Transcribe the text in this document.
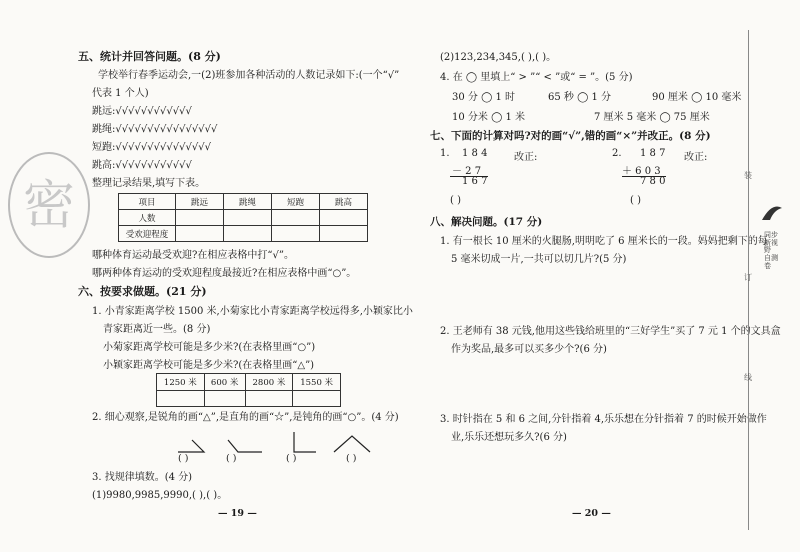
密
五、统计并回答问题。(8 分)
学校举行春季运动会,一(2)班参加各种活动的人数记录如下:(一个“√”
代表 1 个人)
跳远:√√√√√√√√√√√√
跳绳:√√√√√√√√√√√√√√√√
短跑:√√√√√√√√√√√√√√√
跳高:√√√√√√√√√√√√
整理记录结果,填写下表。
项目	跳远	跳绳	短跑	跳高
人数				
受欢迎程度				
哪种体育运动最受欢迎?在相应表格中打“√”。
哪两种体育运动的受欢迎程度最接近?在相应表格中画“○”。
六、按要求做题。(21 分)
1. 小青家距离学校 1500 米,小菊家比小青家距离学校远得多,小颖家比小
青家距离近一些。(8 分)
小菊家距离学校可能是多少米?(在表格里画“○”)
小颖家距离学校可能是多少米?(在表格里画“△”)
1250 米	600 米	2800 米	1550 米

2. 细心观察,是锐角的画“△”,是直角的画“☆”,是钝角的画“○”。(4 分)
( )	( )	( )	( )
3. 找规律填数。(4 分)
(1)9980,9985,9990,( ),( )。
— 19 —
(2)123,234,345,( ),( )。
4. 在 ◯ 里填上“ > ”“ < ”或“ = ”。(5 分)
30 分 ◯ 1 时	65 秒 ◯ 1 分	90 厘米 ◯ 10 毫米
10 分米 ◯ 1 米	7 厘米 5 毫米 ◯ 75 厘米
七、下面的计算对吗?对的画“√”,错的画“×”并改正。(8 分)
1. 1 8 4
－ 2 7
1 6 7
改正:
( )
2. 1 8 7
＋ 6 0 3
7 8 0
改正:
( )
八、解决问题。(17 分)
1. 有一根长 10 厘米的火腿肠,明明吃了 6 厘米长的一段。妈妈把剩下的每
5 毫米切成一片,一共可以切几片?(5 分)
2. 王老师有 38 元钱,他用这些钱给班里的“三好学生”买了 7 元 1 个的文具盒
作为奖品,最多可以买多少个?(6 分)
3. 时针指在 5 和 6 之间,分针指着 4,乐乐想在分针指着 7 的时候开始做作
业,乐乐还想玩多久?(6 分)
— 20 —
装
订
线
同步新视野 自测卷
